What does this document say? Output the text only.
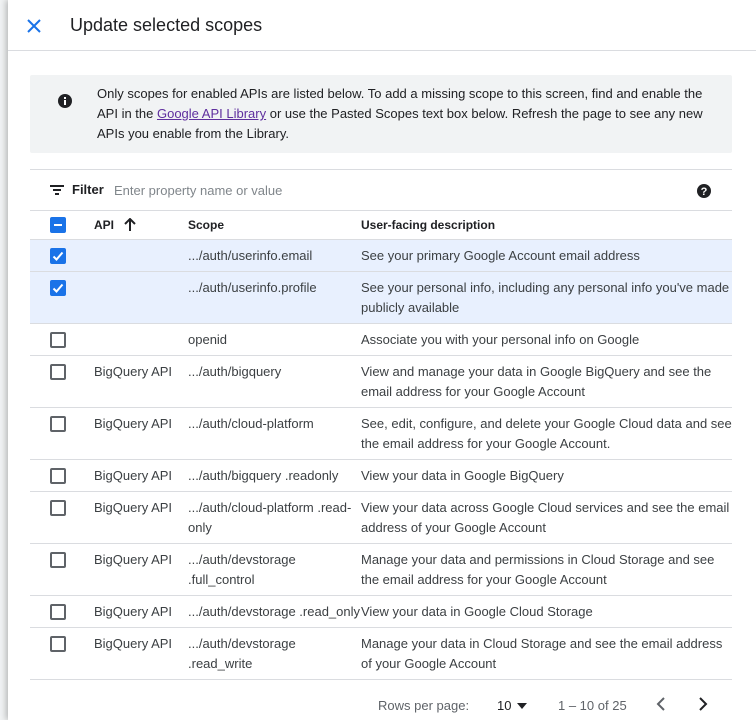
Update selected scopes
Only scopes for enabled APIs are listed below. To add a missing scope to this screen, find and enable the API in the Google API Library or use the Pasted Scopes text box below. Refresh the page to see any new APIs you enable from the Library.
Filter
Enter property name or value	?

API	Scope	User-facing description

		.../auth/userinfo.email	See your primary Google Account email address

		.../auth/userinfo.profile	See your personal info, including any personal info you've made publicly available

		openid	Associate you with your personal info on Google

	BigQuery API	.../auth/bigquery	View and manage your data in Google BigQuery and see the email address for your Google Account

	BigQuery API	.../auth/cloud-platform	See, edit, configure, and delete your Google Cloud data and see the email address for your Google Account.

	BigQuery API	.../auth/bigquery .readonly	View your data in Google BigQuery

	BigQuery API	.../auth/cloud-platform .read-only	View your data across Google Cloud services and see the email address of your Google Account

	BigQuery API	.../auth/devstorage .full_control	Manage your data and permissions in Cloud Storage and see the email address for your Google Account

	BigQuery API	.../auth/devstorage .read_only	View your data in Google Cloud Storage

	BigQuery API	.../auth/devstorage .read_write	Manage your data in Cloud Storage and see the email address of your Google Account
Rows per page: 10	1 – 10 of 25
